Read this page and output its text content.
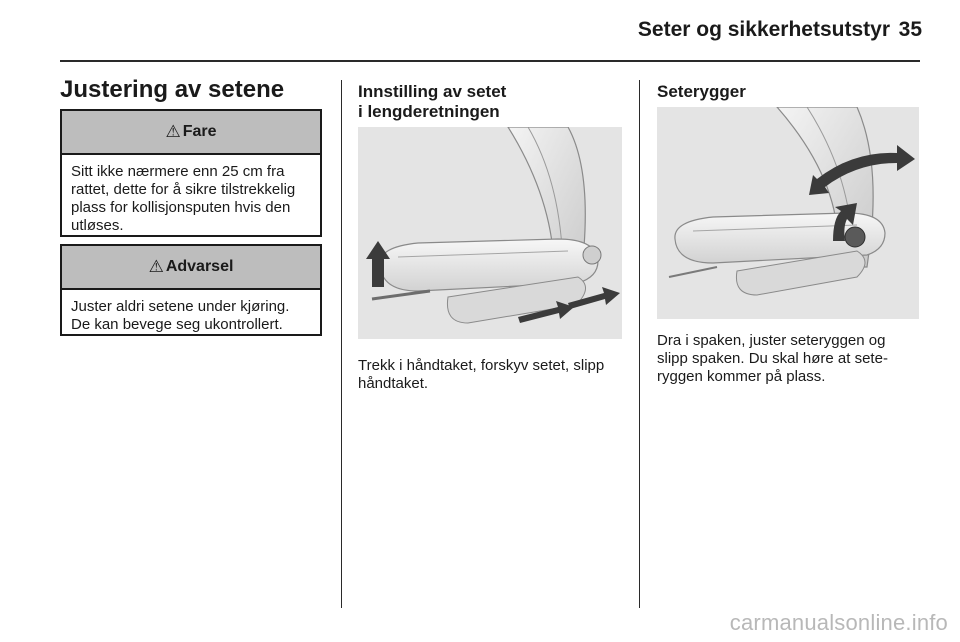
Seter og sikkerhetsutstyr 35
Justering av setene
⚠ Fare
Sitt ikke nærmere enn 25 cm fra rattet, dette for å sikre tilstrekkelig plass for kollisjonsputen hvis den utløses.
⚠ Advarsel
Juster aldri setene under kjøring. De kan bevege seg ukontrollert.
Innstilling av setet
i lengderetningen
Trekk i håndtaket, forskyv setet, slipp håndtaket.
Seterygger
Dra i spaken, juster seteryggen og slipp spaken. Du skal høre at seteryggen kommer på plass.
carmanualsonline.info
